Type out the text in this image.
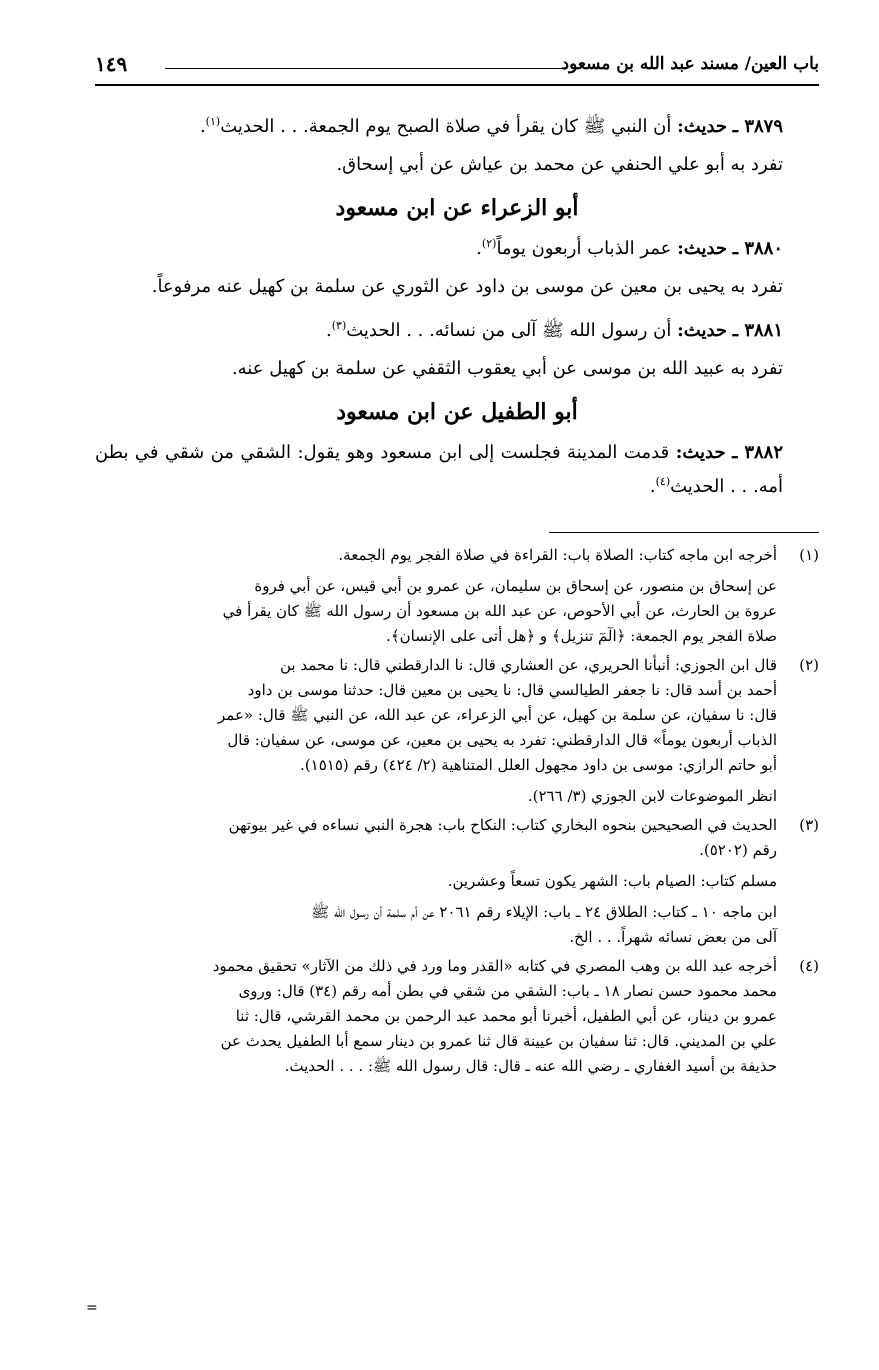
باب العين/ مسند عبد الله بن مسعود
١٤٩

٣٨٧٩ ـ حديث: أن النبي ﷺ كان يقرأ في صلاة الصبح يوم الجمعة. . . الحديث$^{(١)}$.

تفرد به أبو علي الحنفي عن محمد بن عياش عن أبي إسحاق.

أبو الزعراء عن ابن مسعود

٣٨٨٠ ـ حديث: عمر الذباب أربعون يوماً$^{(٢)}$.

تفرد به يحيى بن معين عن موسى بن داود عن الثوري عن سلمة بن كهيل عنه مرفوعاً.

٣٨٨١ ـ حديث: أن رسول الله ﷺ آلى من نسائه. . . الحديث$^{(٣)}$.

تفرد به عبيد الله بن موسى عن أبي يعقوب الثقفي عن سلمة بن كهيل عنه.

أبو الطفيل عن ابن مسعود

٣٨٨٢ ـ حديث: قدمت المدينة فجلست إلى ابن مسعود وهو يقول: الشقي من شقي في بطن أمه. . . الحديث$^{(٤)}$.

(١)
أخرجه ابن ماجه كتاب: الصلاة باب: القراءة في صلاة الفجر يوم الجمعة.
عن إسحاق بن منصور، عن إسحاق بن سليمان، عن عمرو بن أبي قيس، عن أبي فروة
عروة بن الحارث، عن أبي الأحوص، عن عبد الله بن مسعود أن رسول الله ﷺ كان يقرأ في
صلاة الفجر يوم الجمعة: ﴿الٓمٓ تنزيل﴾ و ﴿هل أتى على الإنسان﴾.
(٢)
قال ابن الجوزي: أنبأنا الحريري، عن العشاري قال: نا الدارقطني قال: نا محمد بن
أحمد بن أسد قال: نا جعفر الطيالسي قال: نا يحيى بن معين قال: حدثنا موسى بن داود
قال: نا سفيان، عن سلمة بن كهيل، عن أبي الزعراء، عن عبد الله، عن النبي ﷺ قال: «عمر
الذباب أربعون يوماً» قال الدارقطني: تفرد به يحيى بن معين، عن موسى، عن سفيان: قال
أبو حاتم الرازي: موسى بن داود مجهول العلل المتناهية (٢/ ٤٢٤) رقم (١٥١٥).
انظر الموضوعات لابن الجوزي (٣/ ٢٦٦).
(٣)
الحديث في الصحيحين بنحوه البخاري كتاب: النكاح باب: هجرة النبي نساءه في غير بيوتهن
رقم (٥٢٠٢).
مسلم كتاب: الصيام باب: الشهر يكون تسعاً وعشرين.
ابن ماجه ١٠ ـ كتاب: الطلاق ٢٤ ـ باب: الإيلاء رقم ٢٠٦١ عن أم سلمة أن رسول الله ﷺ
آلى من بعض نسائه شهراً. . . الخ.
(٤)
أخرجه عبد الله بن وهب المصري في كتابه «القدر وما ورد في ذلك من الآثار» تحقيق محمود
محمد محمود حسن نصار ١٨ ـ باب: الشقي من شقي في بطن أمه رقم (٣٤) قال: وروى
عمرو بن دينار، عن أبي الطفيل، أخبرنا أبو محمد عبد الرحمن بن محمد القرشي، قال: ثنا
علي بن المديني. قال: ثنا سفيان بن عيينة قال ثنا عمرو بن دينار سمع أبا الطفيل يحدث عن
حذيفة بن أسيد الغفاري ـ رضي الله عنه ـ قال: قال رسول الله ﷺ: . . . الحديث.
=
